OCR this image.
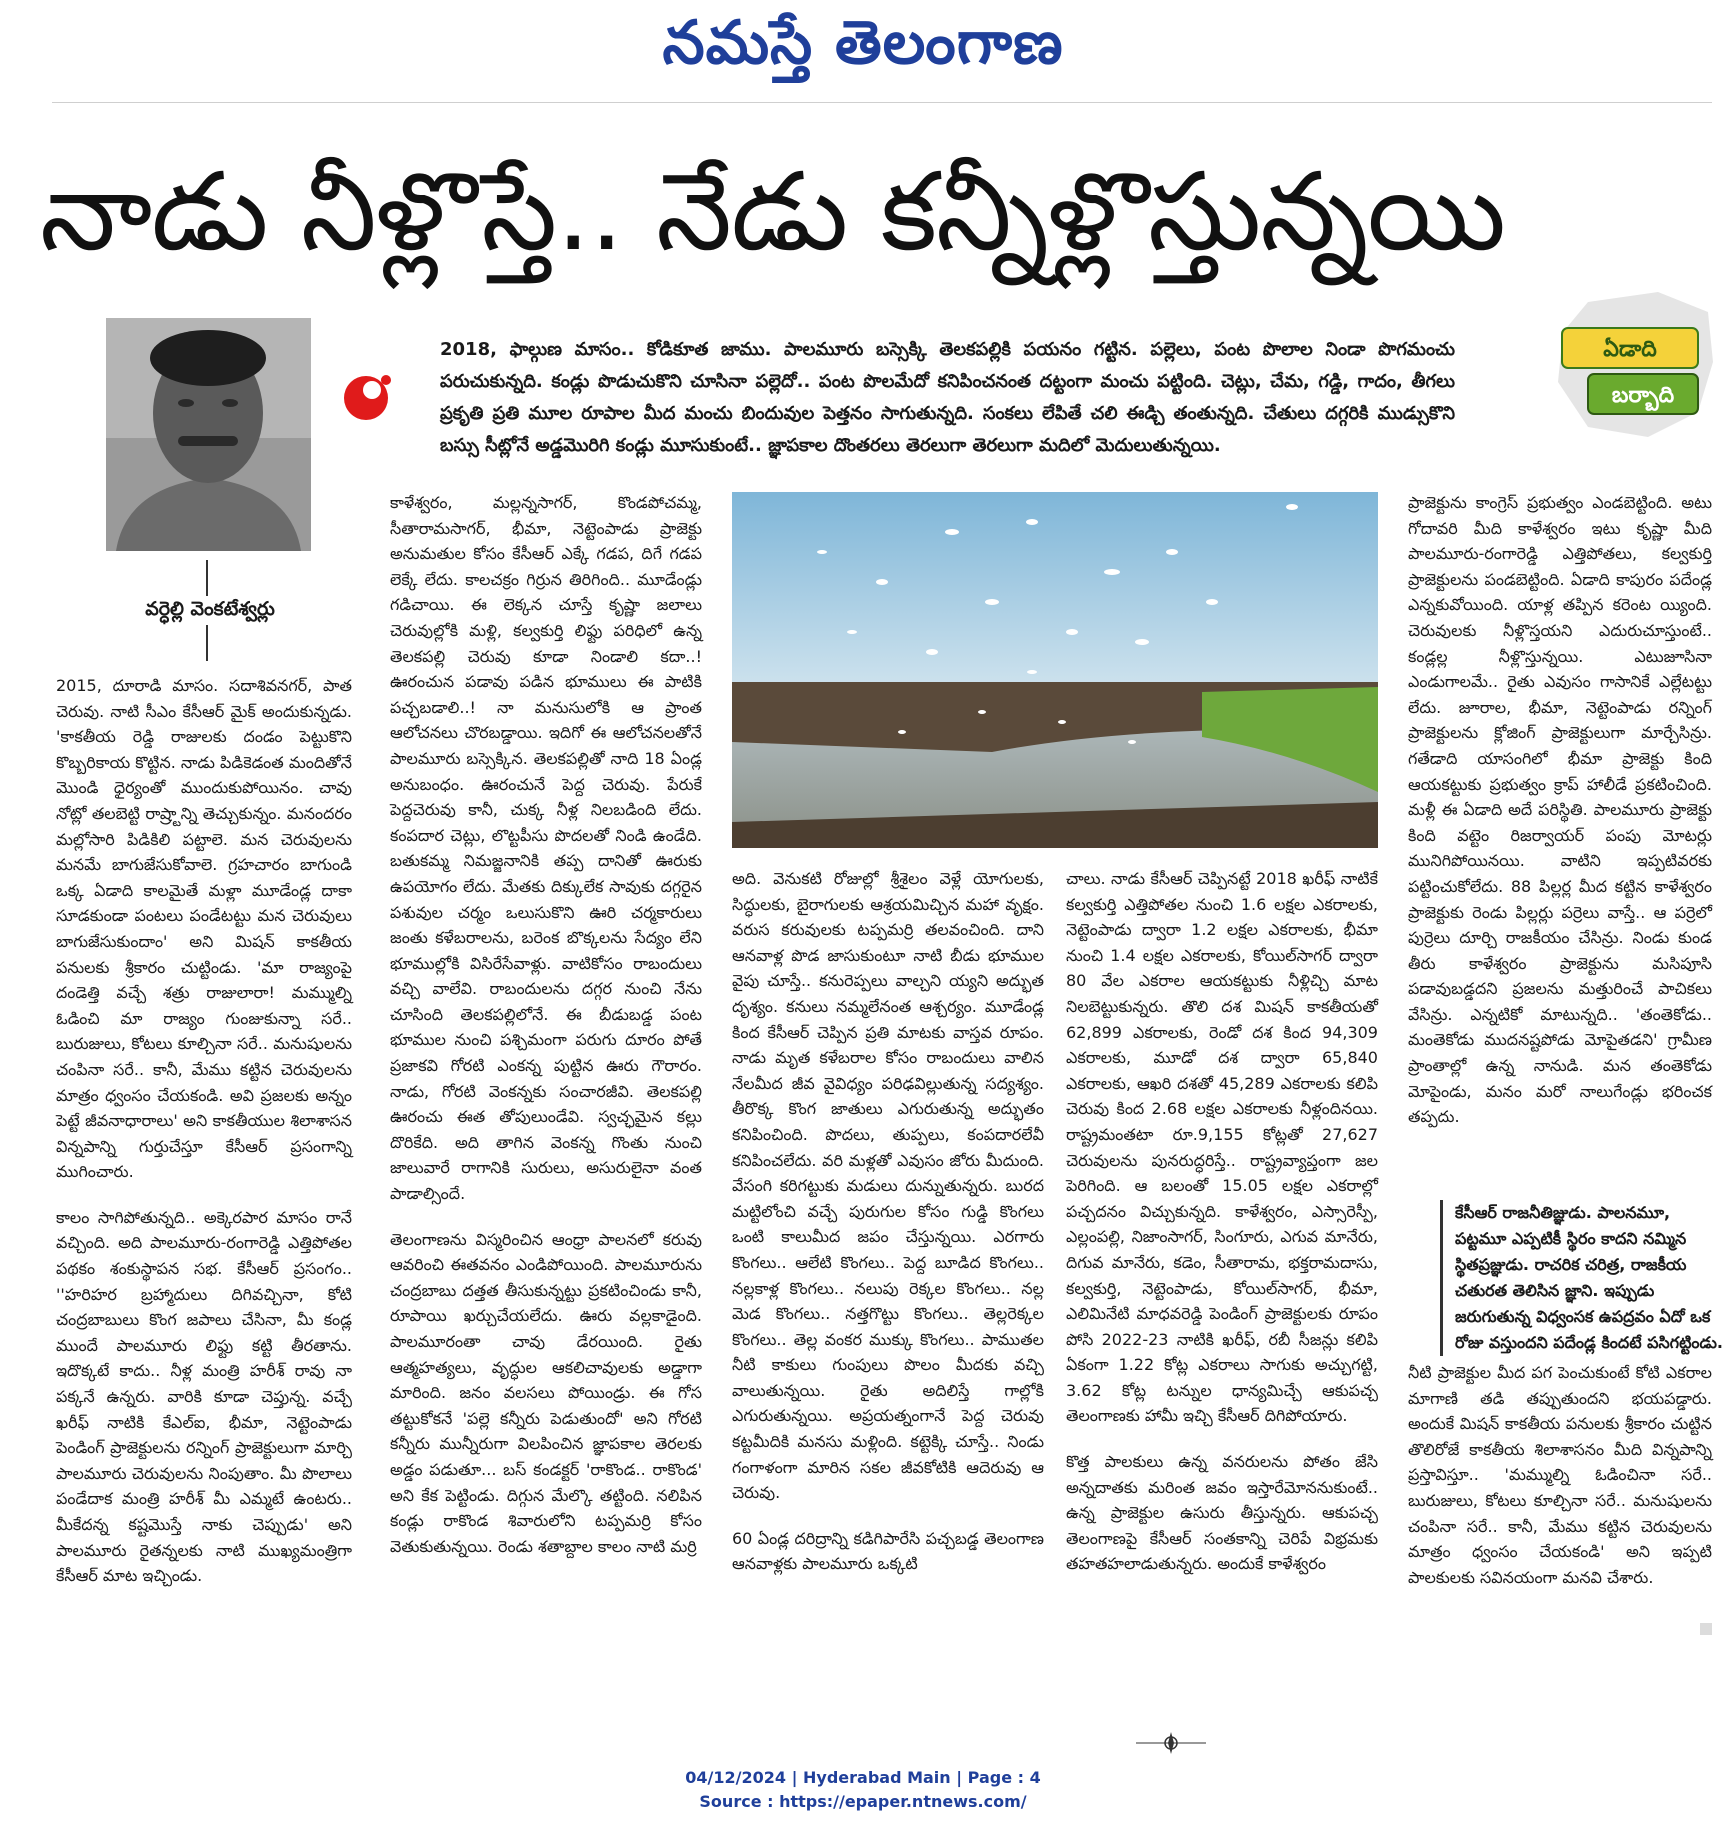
నమస్తే తెలంగాణ
నాడు నీళ్లొస్తే.. నేడు కన్నీళ్లొస్తున్నయి
వర్ధెల్లి వెంకటేశ్వర్లు
2018, ఫాల్గుణ మాసం.. కోడికూత జాము. పాలమూరు బస్సెక్కి తెలకపల్లికి పయనం గట్టిన. పల్లెలు, పంట పొలాల నిండా పొగమంచు పరుచుకున్నది. కండ్లు పొడుచుకొని చూసినా పల్లెదో.. పంట పొలమేదో కనిపించనంత దట్టంగా మంచు పట్టింది. చెట్లు, చేమ, గడ్డి, గాదం, తీగలు ప్రకృతి ప్రతి మూల రూపాల మీద మంచు బిందువుల పెత్తనం సాగుతున్నది. సంకలు లేపితే చలి ఈడ్చి తంతున్నది. చేతులు దగ్గరికి ముడ్సుకొని బస్సు సీట్లోనే అడ్డమొరిగి కండ్లు మూసుకుంటే.. జ్ఞాపకాల దొంతరలు తెరలుగా తెరలుగా మదిలో మెదులుతున్నయి.
ఏడాది
బర్బాది

2015, దూరాడి మాసం. సదాశివనగర్, పాత చెరువు. నాటి సీఎం కేసీఆర్ మైక్ అందుకున్నడు. 'కాకతీయ రెడ్డి రాజులకు దండం పెట్టుకొని కొబ్బరికాయ కొట్టిన. నాడు పిడికెడంత మందితోనే మొండి ధైర్యంతో ముందుకుపోయినం. చావు నోట్లో తలబెట్టి రాష్ర్టాన్ని తెచ్చుకున్నం. మనందరం మల్లోసారి పిడికిలి పట్టాలె. మన చెరువులను మనమే బాగుజేసుకోవాలె. గ్రహచారం బాగుండి ఒక్క ఏడాది కాలమైతే మళ్లా మూడేండ్ల దాకా సూడకుండా పంటలు పండేటట్టు మన చెరువులు బాగుజేసుకుందాం' అని మిషన్ కాకతీయ పనులకు శ్రీకారం చుట్టిండు. 'మా రాజ్యంపై దండెత్తి వచ్చే శత్రు రాజులారా! మమ్ముల్ని ఓడించి మా రాజ్యం గుంజుకున్నా సరే.. బురుజులు, కోటలు కూల్చినా సరే.. మనుషులను చంపినా సరే.. కానీ, మేము కట్టిన చెరువులను మాత్రం ధ్వంసం చేయకండి. అవి ప్రజలకు అన్నం పెట్టే జీవనాధారాలు' అని కాకతీయుల శిలాశాసన విన్నపాన్ని గుర్తుచేస్తూ కేసీఆర్ ప్రసంగాన్ని ముగించారు.

కాలం సాగిపోతున్నది.. అక్కెరపార మాసం రానే వచ్చింది. అది పాలమూరు-రంగారెడ్డి ఎత్తిపోతల పథకం శంకుస్థాపన సభ. కేసీఆర్ ప్రసంగం.. ''హరిహర బ్రహ్మాదులు దిగివచ్చినా, కోటి చంద్రబాబులు కొంగ జపాలు చేసినా, మీ కండ్ల ముందే పాలమూరు లిఫ్టు కట్టి తీరతాను. ఇదొక్కటే కాదు.. నీళ్ల మంత్రి హరీశ్ రావు నా పక్కనే ఉన్నరు. వారికి కూడా చెప్తున్న. వచ్చే ఖరీఫ్ నాటికి కేఎల్ఐ, భీమా, నెట్టెంపాడు పెండింగ్ ప్రాజెక్టులను రన్నింగ్ ప్రాజెక్టులుగా మార్చి పాలమూరు చెరువులను నింపుతాం. మీ పొలాలు పండేదాక మంత్రి హరీశ్ మీ ఎమ్మటే ఉంటరు.. మీకేదన్న కష్టమొస్తే నాకు చెప్పుడు' అని పాలమూరు రైతన్నలకు నాటి ముఖ్యమంత్రిగా కేసీఆర్ మాట ఇచ్చిండు.

కాళేశ్వరం, మల్లన్నసాగర్, కొండపోచమ్మ, సీతారామసాగర్, భీమా, నెట్టెంపాడు ప్రాజెక్టు అనుమతుల కోసం కేసీఆర్ ఎక్కే గడప, దిగే గడప లెక్కే లేదు. కాలచక్రం గిర్రున తిరిగింది.. మూడేండ్లు గడిచాయి. ఈ లెక్కన చూస్తే కృష్ణా జలాలు చెరువుల్లోకి మళ్లి, కల్వకుర్తి లిఫ్టు పరిధిలో ఉన్న తెలకపల్లి చెరువు కూడా నిండాలి కదా..! ఊరంచున పడావు పడిన భూములు ఈ పాటికి పచ్చబడాలి..! నా మనుసులోకి ఆ ప్రాంత ఆలోచనలు చొరబడ్డాయి. ఇదిగో ఈ ఆలోచనలతోనే పాలమూరు బస్సెక్కిన. తెలకపల్లితో నాది 18 ఏండ్ల అనుబంధం. ఊరంచునే పెద్ద చెరువు. పేరుకే పెద్దచెరువు కానీ, చుక్క నీళ్ల నిలబడింది లేదు. కంపదార చెట్లు, లొట్టపీసు పొదలతో నిండి ఉండేది. బతుకమ్మ నిమజ్జనానికి తప్ప దానితో ఊరుకు ఉపయోగం లేదు. మేతకు దిక్కులేక సావుకు దగ్గరైన పశువుల చర్మం ఒలుసుకొని ఊరి చర్మకారులు జంతు కళేబరాలను, బరెంక బొక్కలను సేద్యం లేని భూముల్లోకి విసిరేసేవాళ్లు. వాటికోసం రాబందులు వచ్చి వాలేవి. రాబందులను దగ్గర నుంచి నేను చూసింది తెలకపల్లిలోనే. ఈ బీడుబడ్డ పంట భూముల నుంచి పశ్చిమంగా పరుగు దూరం పోతే ప్రజాకవి గోరటి ఎంకన్న పుట్టిన ఊరు గౌరారం. నాడు, గోరటి వెంకన్నకు సంచారజీవి. తెలకపల్లి ఊరంచు ఈత తోపులుండేవి. స్వచ్ఛమైన కల్లు దొరికేది. అది తాగిన వెంకన్న గొంతు నుంచి జాలువారే రాగానికి సురులు, అసురులైనా వంత పాడాల్సిందే.

తెలంగాణను విస్మరించిన ఆంధ్రా పాలనలో కరువు ఆవరించి ఈతవనం ఎండిపోయింది. పాలమూరును చంద్రబాబు దత్తత తీసుకున్నట్టు ప్రకటించిండు కానీ, రూపాయి ఖర్చుచేయలేదు. ఊరు వల్లకాడైంది. పాలమూరంతా చావు డేరయింది. రైతు ఆత్మహత్యలు, వృద్ధుల ఆకలిచావులకు అడ్డాగా మారింది. జనం వలసలు పోయిండ్రు. ఈ గోస తట్టుకోకనే 'పల్లె కన్నీరు పెడుతుందో' అని గోరటి కన్నీరు మున్నీరుగా విలపించిన జ్ఞాపకాల తెరలకు అడ్డం పడుతూ... బస్ కండక్టర్ 'రాకొండ.. రాకొండ' అని కేక పెట్టిండు. దిగ్గున మేల్కొ తట్టింది. నలిపిన కండ్లు రాకొండ శివారులోని టప్పమర్రి కోసం వెతుకుతున్నయి. రెండు శతాబ్దాల కాలం నాటి మర్రి

అది. వెనుకటి రోజుల్లో శ్రీశైలం వెళ్లే యోగులకు, సిద్ధులకు, బైరాగులకు ఆశ్రయమిచ్చిన మహా వృక్షం. వరుస కరువులకు టప్పమర్రి తలవంచింది. దాని ఆనవాళ్ల పొడ జాసుకుంటూ నాటి బీడు భూముల వైపు చూస్తే.. కనురెప్పలు వాల్చని య్యని అద్భుత దృశ్యం. కనులు నమ్మలేనంత ఆశ్చర్యం. మూడేండ్ల కింద కేసీఆర్ చెప్పిన ప్రతి మాటకు వాస్తవ రూపం. నాడు మృత కళేబరాల కోసం రాబందులు వాలిన నేలమీద జీవ వైవిధ్యం పరిఢవిల్లుతున్న సద్యశ్యం. తీరొక్క కొంగ జాతులు ఎగురుతున్న అద్భుతం కనిపించింది. పొదలు, తుప్పలు, కంపదారలేవీ కనిపించలేదు. వరి మళ్లతో ఎవుసం జోరు మీదుంది. వేసంగి కరిగట్టుకు మడులు దున్నుతున్నరు. బురద మట్టిలోంచి వచ్చే పురుగుల కోసం గుడ్డి కొంగలు ఒంటి కాలుమీద జపం చేస్తున్నయి. ఎరగారు కొంగలు.. ఆలేటి కొంగలు.. పెద్ద బూడిద కొంగలు.. నల్లకాళ్ల కొంగలు.. నలుపు రెక్కల కొంగలు.. నల్ల మెడ కొంగలు.. నత్తగొట్టు కొంగలు.. తెల్లరెక్కల కొంగలు.. తెల్ల వంకర ముక్కు కొంగలు.. పాముతల నీటి కాకులు గుంపులు పొలం మీదకు వచ్చి వాలుతున్నయి. రైతు అదిలిస్తే గాల్లోకి ఎగురుతున్నయి. అప్రయత్నంగానే పెద్ద చెరువు కట్టమీదికి మనసు మళ్లింది. కట్టెక్కి చూస్తే.. నిండు గంగాళంగా మారిన సకల జీవకోటికి ఆదెరువు ఆ చెరువు.

60 ఏండ్ల దరిద్రాన్ని కడిగిపారేసి పచ్చబడ్డ తెలంగాణ ఆనవాళ్లకు పాలమూరు ఒక్కటి

చాలు. నాడు కేసీఆర్ చెప్పినట్టే 2018 ఖరీఫ్ నాటికే కల్వకుర్తి ఎత్తిపోతల నుంచి 1.6 లక్షల ఎకరాలకు, నెట్టెంపాడు ద్వారా 1.2 లక్షల ఎకరాలకు, భీమా నుంచి 1.4 లక్షల ఎకరాలకు, కోయిల్‌సాగర్ ద్వారా 80 వేల ఎకరాల ఆయకట్టుకు నీళ్లిచ్చి మాట నిలబెట్టుకున్నరు. తొలి దశ మిషన్ కాకతీయతో 62,899 ఎకరాలకు, రెండో దశ కింద 94,309 ఎకరాలకు, మూడో దశ ద్వారా 65,840 ఎకరాలకు, ఆఖరి దశతో 45,289 ఎకరాలకు కలిపి చెరువు కింద 2.68 లక్షల ఎకరాలకు నీళ్లందినయి. రాష్ట్రమంతటా రూ.9,155 కోట్లతో 27,627 చెరువులను పునరుద్ధరిస్తే.. రాష్ట్రవ్యాప్తంగా జల పెరిగింది. ఆ బలంతో 15.05 లక్షల ఎకరాల్లో పచ్చదనం విచ్చుకున్నది. కాళేశ్వరం, ఎస్సారెస్పీ, ఎల్లంపల్లి, నిజాంసాగర్, సింగూరు, ఎగువ మానేరు, దిగువ మానేరు, కడెం, సీతారామ, భక్తరామదాసు, కల్వకుర్తి, నెట్టెంపాడు, కోయిల్‌సాగర్, భీమా, ఎలిమినేటి మాధవరెడ్డి పెండింగ్ ప్రాజెక్టులకు రూపం పోసి 2022-23 నాటికి ఖరీఫ్, రబీ సీజన్లు కలిపి ఏకంగా 1.22 కోట్ల ఎకరాలు సాగుకు అచ్చుగట్టి, 3.62 కోట్ల టన్నుల ధాన్యమిచ్చే ఆకుపచ్చ తెలంగాణకు హామీ ఇచ్చి కేసీఆర్ దిగిపోయారు.

కొత్త పాలకులు ఉన్న వనరులను పోతం జేసి అన్నదాతకు మరింత జవం ఇస్తారేమోననుకుంటే.. ఉన్న ప్రాజెక్టుల ఉసురు తీస్తున్నరు. ఆకుపచ్చ తెలంగాణపై కేసీఆర్ సంతకాన్ని చెరిపే విభ్రమకు తహతహలాడుతున్నరు. అందుకే కాళేశ్వరం

ప్రాజెక్టును కాంగ్రెస్ ప్రభుత్వం ఎండబెట్టింది. అటు గోదావరి మీది కాళేశ్వరం ఇటు కృష్ణా మీది పాలమూరు-రంగారెడ్డి ఎత్తిపోతలు, కల్వకుర్తి ప్రాజెక్టులను పండబెట్టింది. ఏడాది కాపురం పదేండ్ల ఎన్నకువోయింది. యాళ్ల తప్పిన కరెంట య్యింది. చెరువులకు నీళ్లొస్తయని ఎదురుచూస్తుంటే.. కండ్లల్ల నీళ్లొస్తున్నయి. ఎటుజూసినా ఎండుగాలమే.. రైతు ఎవుసం గాసానికే ఎల్లేటట్టు లేదు. జూరాల, భీమా, నెట్టెంపాడు రన్నింగ్ ప్రాజెక్టులను క్లోజింగ్ ప్రాజెక్టులుగా మార్చేసిన్రు. గతేడాది యాసంగిలో భీమా ప్రాజెక్టు కింది ఆయకట్టుకు ప్రభుత్వం క్రాప్ హాలీడే ప్రకటించింది. మళ్లీ ఈ ఏడాది అదే పరిస్థితి. పాలమూరు ప్రాజెక్టు కింది వట్టెం రిజర్వాయర్ పంపు మోటర్లు మునిగిపోయినయి. వాటిని ఇప్పటివరకు పట్టించుకోలేదు. 88 పిల్లర్ల మీద కట్టిన కాళేశ్వరం ప్రాజెక్టుకు రెండు పిల్లర్లు పర్రెలు వాస్తే.. ఆ పర్రెలో పుర్రెలు దూర్చి రాజకీయం చేసిన్రు. నిండు కుండ తీరు కాళేశ్వరం ప్రాజెక్టును మసిపూసి పడావుబడ్డదని ప్రజలను మత్తురించే పాచికలు వేసిన్రు. ఎన్నటికో మాటున్నది.. 'తంతెకోడు.. మంతెకోడు ముదనష్టపోడు మోపైతడని' గ్రామీణ ప్రాంతాల్లో ఉన్న నానుడి. మన తంతెకోడు మోపైండు, మనం మరో నాలుగేండ్లు భరించక తప్పదు.

కేసీఆర్ రాజనీతిజ్ఞుడు. పాలనమూ, పట్టమూ ఎప్పటికీ స్థిరం కాదని నమ్మిన స్థితప్రజ్ఞుడు. రాచరిక చరిత్ర, రాజకీయ చతురత తెలిసిన జ్ఞాని. ఇప్పుడు జరుగుతున్న విధ్వంసక ఉపద్రవం ఏదో ఒక రోజు వస్తుందని పదేండ్ల కిందటే పసిగట్టిండు.

నీటి ప్రాజెక్టుల మీద పగ పెంచుకుంటే కోటి ఎకరాల మాగాణి తడి తప్పుతుందని భయపడ్డారు. అందుకే మిషన్ కాకతీయ పనులకు శ్రీకారం చుట్టిన తొలిరోజే కాకతీయ శిలాశాసనం మీది విన్నపాన్ని ప్రస్తావిస్తూ.. 'మమ్ముల్ని ఓడించినా సరే.. బురుజులు, కోటలు కూల్చినా సరే.. మనుషులను చంపినా సరే.. కానీ, మేము కట్టిన చెరువులను మాత్రం ధ్వంసం చేయకండి' అని ఇప్పటి పాలకులకు సవినయంగా మనవి చేశారు.

04/12/2024 | Hyderabad Main | Page : 4
Source : https://epaper.ntnews.com/
